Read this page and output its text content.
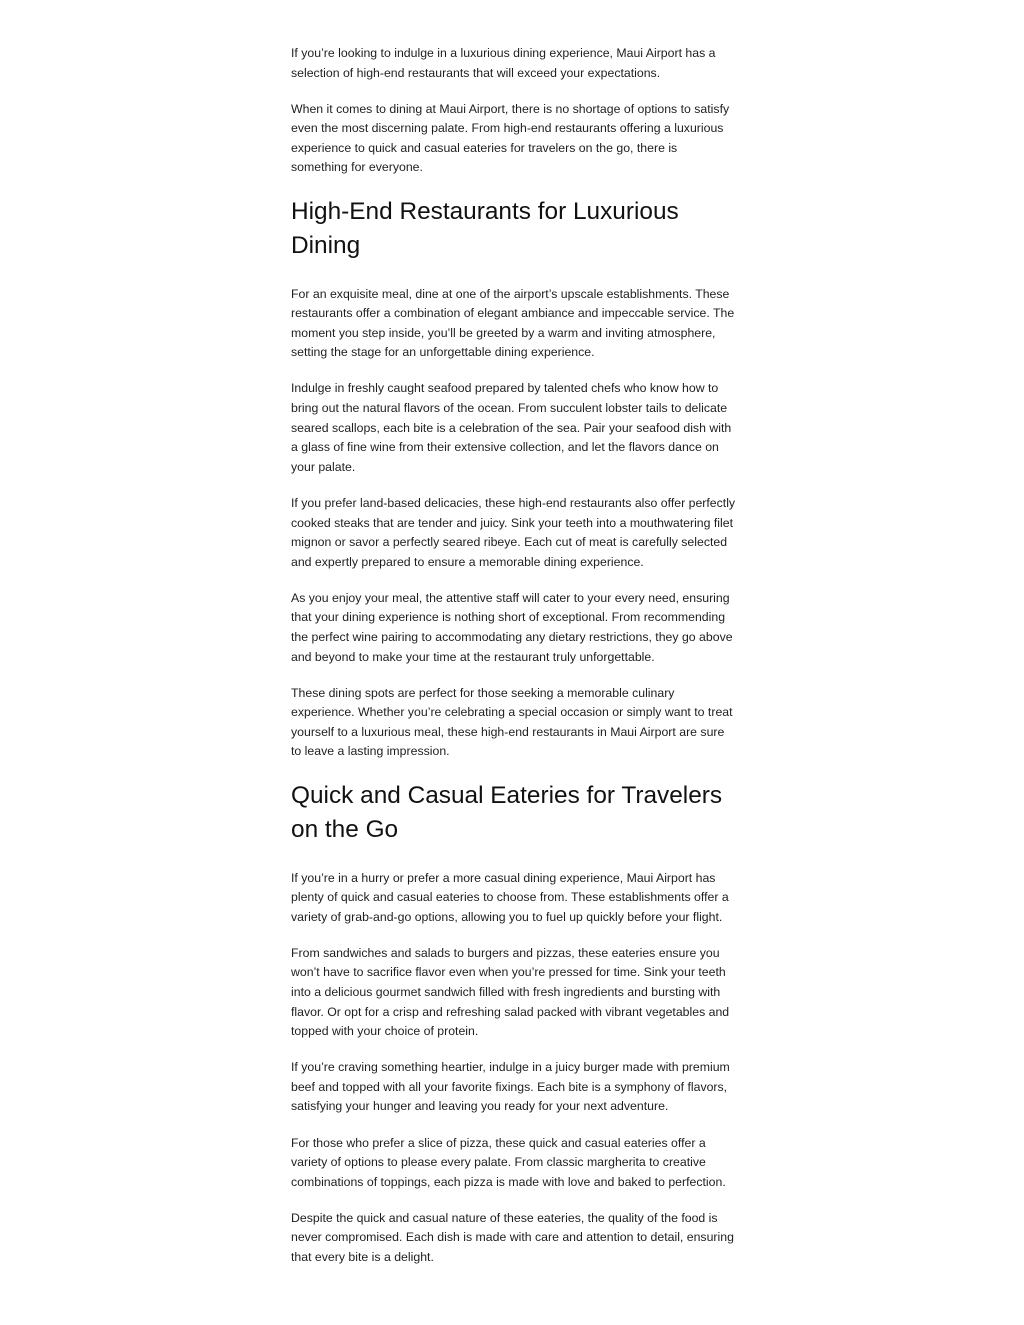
If you’re looking to indulge in a luxurious dining experience, Maui Airport has a selection of high-end restaurants that will exceed your expectations.

When it comes to dining at Maui Airport, there is no shortage of options to satisfy even the most discerning palate. From high-end restaurants offering a luxurious experience to quick and casual eateries for travelers on the go, there is something for everyone.

High-End Restaurants for Luxurious Dining

For an exquisite meal, dine at one of the airport’s upscale establishments. These restaurants offer a combination of elegant ambiance and impeccable service. The moment you step inside, you’ll be greeted by a warm and inviting atmosphere, setting the stage for an unforgettable dining experience.

Indulge in freshly caught seafood prepared by talented chefs who know how to bring out the natural flavors of the ocean. From succulent lobster tails to delicate seared scallops, each bite is a celebration of the sea. Pair your seafood dish with a glass of fine wine from their extensive collection, and let the flavors dance on your palate.

If you prefer land-based delicacies, these high-end restaurants also offer perfectly cooked steaks that are tender and juicy. Sink your teeth into a mouthwatering filet mignon or savor a perfectly seared ribeye. Each cut of meat is carefully selected and expertly prepared to ensure a memorable dining experience.

As you enjoy your meal, the attentive staff will cater to your every need, ensuring that your dining experience is nothing short of exceptional. From recommending the perfect wine pairing to accommodating any dietary restrictions, they go above and beyond to make your time at the restaurant truly unforgettable.

These dining spots are perfect for those seeking a memorable culinary experience. Whether you’re celebrating a special occasion or simply want to treat yourself to a luxurious meal, these high-end restaurants in Maui Airport are sure to leave a lasting impression.

Quick and Casual Eateries for Travelers on the Go

If you’re in a hurry or prefer a more casual dining experience, Maui Airport has plenty of quick and casual eateries to choose from. These establishments offer a variety of grab-and-go options, allowing you to fuel up quickly before your flight.

From sandwiches and salads to burgers and pizzas, these eateries ensure you won’t have to sacrifice flavor even when you’re pressed for time. Sink your teeth into a delicious gourmet sandwich filled with fresh ingredients and bursting with flavor. Or opt for a crisp and refreshing salad packed with vibrant vegetables and topped with your choice of protein.

If you’re craving something heartier, indulge in a juicy burger made with premium beef and topped with all your favorite fixings. Each bite is a symphony of flavors, satisfying your hunger and leaving you ready for your next adventure.

For those who prefer a slice of pizza, these quick and casual eateries offer a variety of options to please every palate. From classic margherita to creative combinations of toppings, each pizza is made with love and baked to perfection.

Despite the quick and casual nature of these eateries, the quality of the food is never compromised. Each dish is made with care and attention to detail, ensuring that every bite is a delight.
